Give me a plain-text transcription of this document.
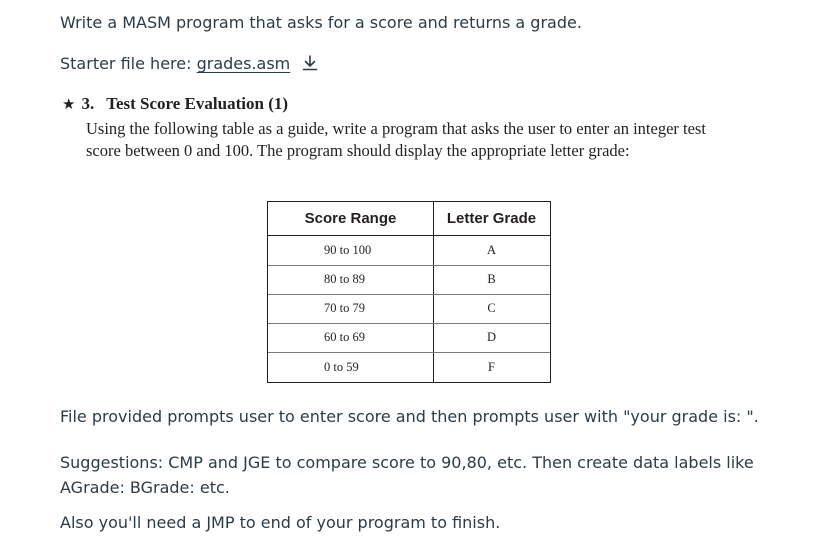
Write a MASM program that asks for a score and returns a grade.
Starter file here: grades.asm
★ 3. Test Score Evaluation (1)
Using the following table as a guide, write a program that asks the user to enter an integer test
score between 0 and 100. The program should display the appropriate letter grade:
Score Range	Letter Grade
90 to 100	A
80 to 89	B
70 to 79	C
60 to 69	D
0 to 59	F
File provided prompts user to enter score and then prompts user with "your grade is: ".
Suggestions: CMP and JGE to compare score to 90,80, etc. Then create data labels like
AGrade: BGrade: etc.
Also you'll need a JMP to end of your program to finish.
